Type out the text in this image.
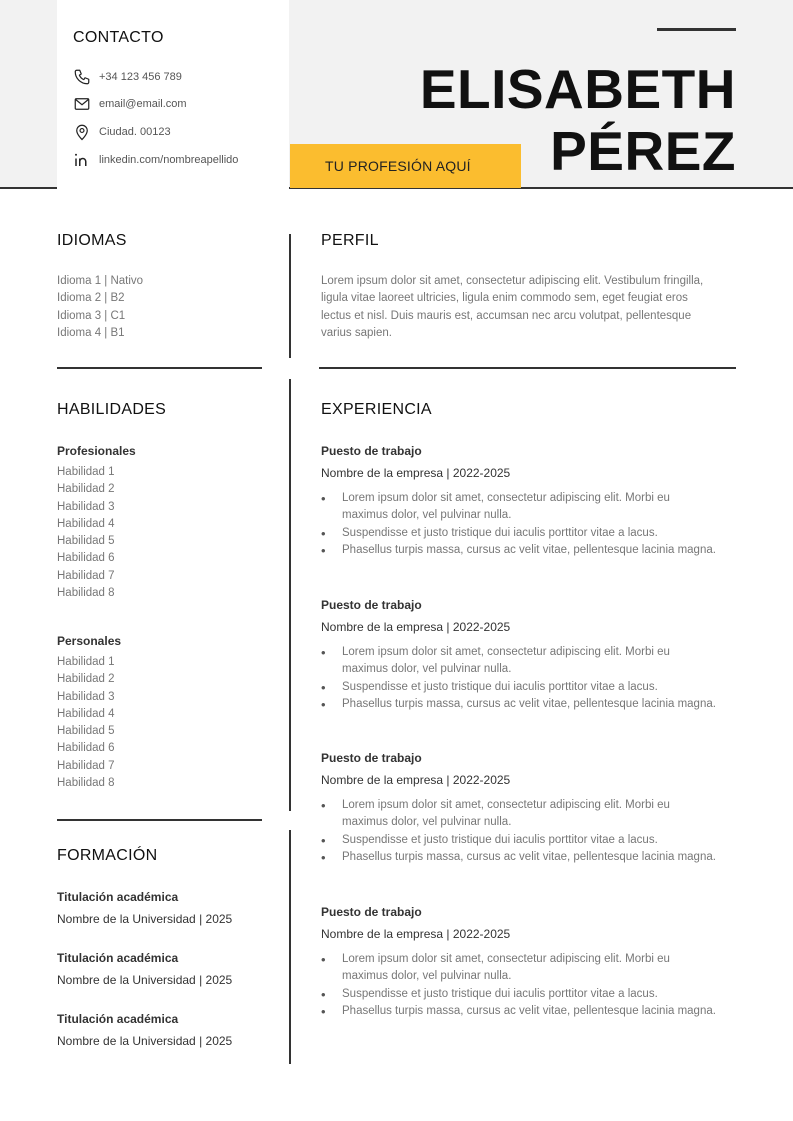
CONTACTO
+34 123 456 789
email@email.com
Ciudad. 00123
linkedin.com/nombreapellido
ELISABETH
PÉREZ
TU PROFESIÓN AQUÍ
IDIOMAS
Idioma 1 | Nativo
Idioma 2 | B2
Idioma 3 | C1
Idioma 4 | B1
HABILIDADES
Profesionales
Habilidad 1
Habilidad 2
Habilidad 3
Habilidad 4
Habilidad 5
Habilidad 6
Habilidad 7
Habilidad 8
Personales
Habilidad 1
Habilidad 2
Habilidad 3
Habilidad 4
Habilidad 5
Habilidad 6
Habilidad 7
Habilidad 8
FORMACIÓN
Titulación académica
Nombre de la Universidad | 2025
Titulación académica
Nombre de la Universidad | 2025
Titulación académica
Nombre de la Universidad | 2025
PERFIL
Lorem ipsum dolor sit amet, consectetur adipiscing elit. Vestibulum fringilla, ligula vitae laoreet ultricies, ligula enim commodo sem, eget feugiat eros lectus et nisl. Duis mauris est, accumsan nec arcu volutpat, pellentesque varius sapien.
EXPERIENCIA
Puesto de trabajo
Nombre de la empresa | 2022-2025
• Lorem ipsum dolor sit amet, consectetur adipiscing elit. Morbi eu maximus dolor, vel pulvinar nulla.
• Suspendisse et justo tristique dui iaculis porttitor vitae a lacus.
• Phasellus turpis massa, cursus ac velit vitae, pellentesque lacinia magna.
Puesto de trabajo
Nombre de la empresa | 2022-2025
• Lorem ipsum dolor sit amet, consectetur adipiscing elit. Morbi eu maximus dolor, vel pulvinar nulla.
• Suspendisse et justo tristique dui iaculis porttitor vitae a lacus.
• Phasellus turpis massa, cursus ac velit vitae, pellentesque lacinia magna.
Puesto de trabajo
Nombre de la empresa | 2022-2025
• Lorem ipsum dolor sit amet, consectetur adipiscing elit. Morbi eu maximus dolor, vel pulvinar nulla.
• Suspendisse et justo tristique dui iaculis porttitor vitae a lacus.
• Phasellus turpis massa, cursus ac velit vitae, pellentesque lacinia magna.
Puesto de trabajo
Nombre de la empresa | 2022-2025
• Lorem ipsum dolor sit amet, consectetur adipiscing elit. Morbi eu maximus dolor, vel pulvinar nulla.
• Suspendisse et justo tristique dui iaculis porttitor vitae a lacus.
• Phasellus turpis massa, cursus ac velit vitae, pellentesque lacinia magna.
